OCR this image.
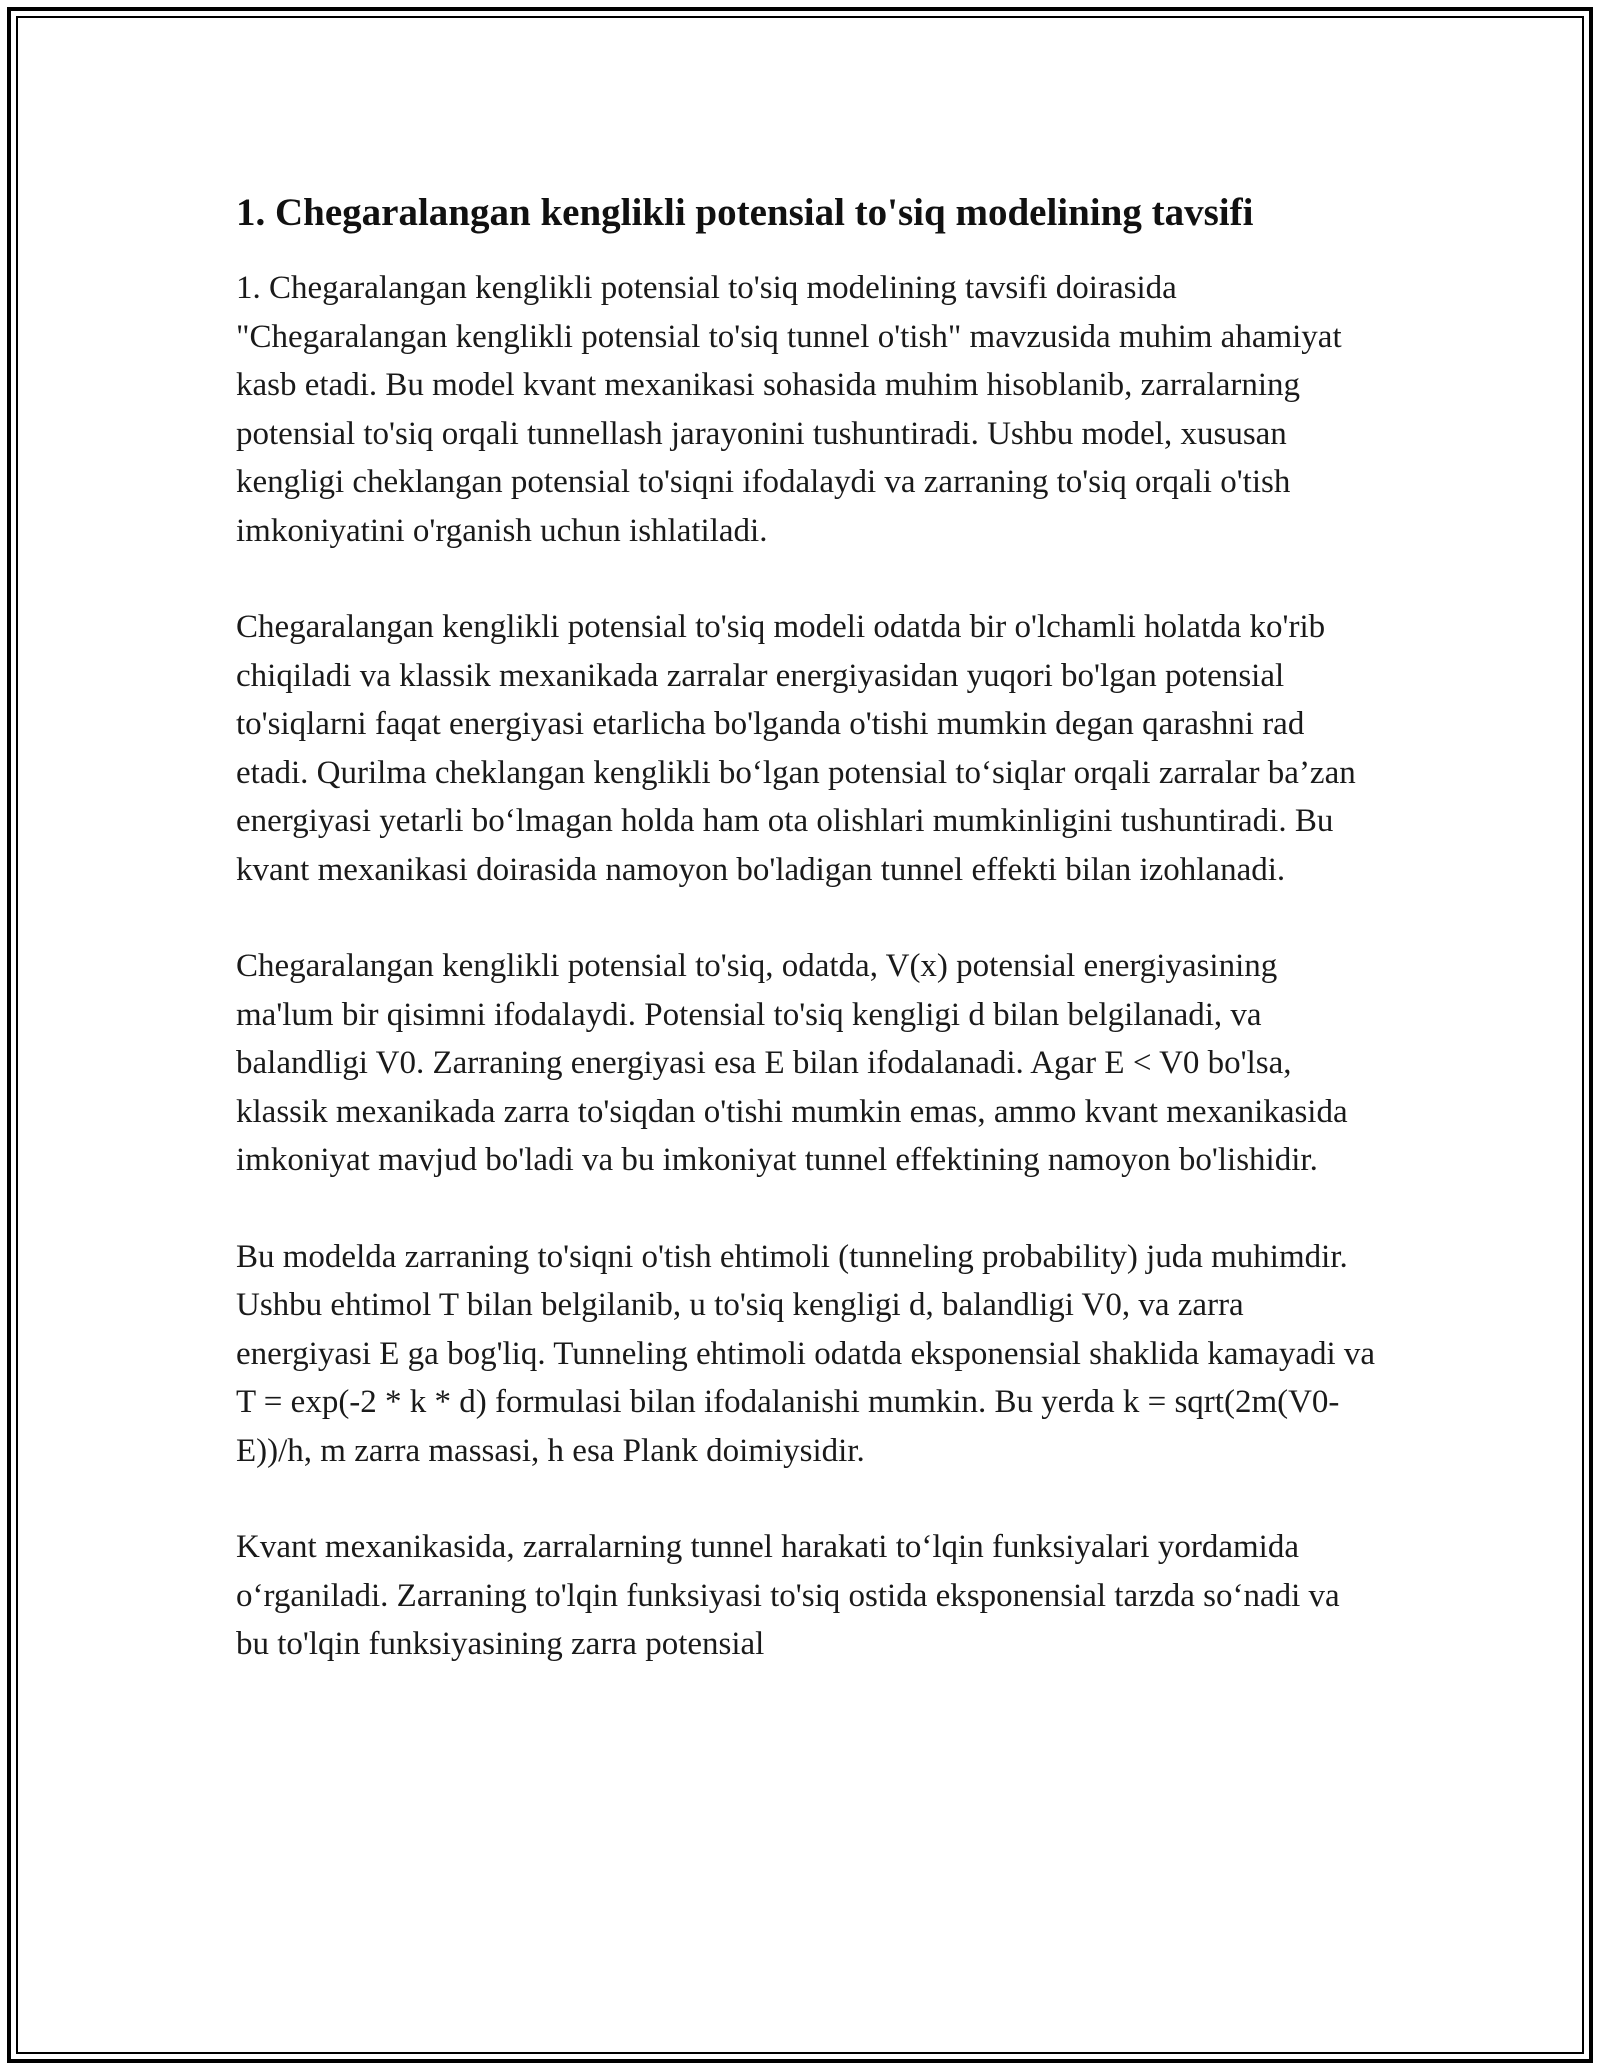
1. Chegaralangan kenglikli potensial to'siq modelining tavsifi

1. Chegaralangan kenglikli potensial to'siq modelining tavsifi doirasida "Chegaralangan kenglikli potensial to'siq tunnel o'tish" mavzusida muhim ahamiyat kasb etadi. Bu model kvant mexanikasi sohasida muhim hisoblanib, zarralarning potensial to'siq orqali tunnellash jarayonini tushuntiradi. Ushbu model, xususan kengligi cheklangan potensial to'siqni ifodalaydi va zarraning to'siq orqali o'tish imkoniyatini o'rganish uchun ishlatiladi.

Chegaralangan kenglikli potensial to'siq modeli odatda bir o'lchamli holatda ko'rib chiqiladi va klassik mexanikada zarralar energiyasidan yuqori bo'lgan potensial to'siqlarni faqat energiyasi etarlicha bo'lganda o'tishi mumkin degan qarashni rad etadi. Qurilma cheklangan kenglikli bo‘lgan potensial to‘siqlar orqali zarralar ba’zan energiyasi yetarli bo‘lmagan holda ham ota olishlari mumkinligini tushuntiradi. Bu kvant mexanikasi doirasida namoyon bo'ladigan tunnel effekti bilan izohlanadi.

Chegaralangan kenglikli potensial to'siq, odatda, V(x) potensial energiyasining ma'lum bir qisimni ifodalaydi. Potensial to'siq kengligi d bilan belgilanadi, va balandligi V0. Zarraning energiyasi esa E bilan ifodalanadi. Agar E < V0 bo'lsa, klassik mexanikada zarra to'siqdan o'tishi mumkin emas, ammo kvant mexanikasida imkoniyat mavjud bo'ladi va bu imkoniyat tunnel effektining namoyon bo'lishidir.

Bu modelda zarraning to'siqni o'tish ehtimoli (tunneling probability) juda muhimdir. Ushbu ehtimol T bilan belgilanib, u to'siq kengligi d, balandligi V0, va zarra energiyasi E ga bog'liq. Tunneling ehtimoli odatda eksponensial shaklida kamayadi va T = exp(-2 * k * d) formulasi bilan ifodalanishi mumkin. Bu yerda k = sqrt(2m(V0-E))/h, m zarra massasi, h esa Plank doimiysidir.

Kvant mexanikasida, zarralarning tunnel harakati to‘lqin funksiyalari yordamida o‘rganiladi. Zarraning to'lqin funksiyasi to'siq ostida eksponensial tarzda so‘nadi va bu to'lqin funksiyasining zarra potensial
